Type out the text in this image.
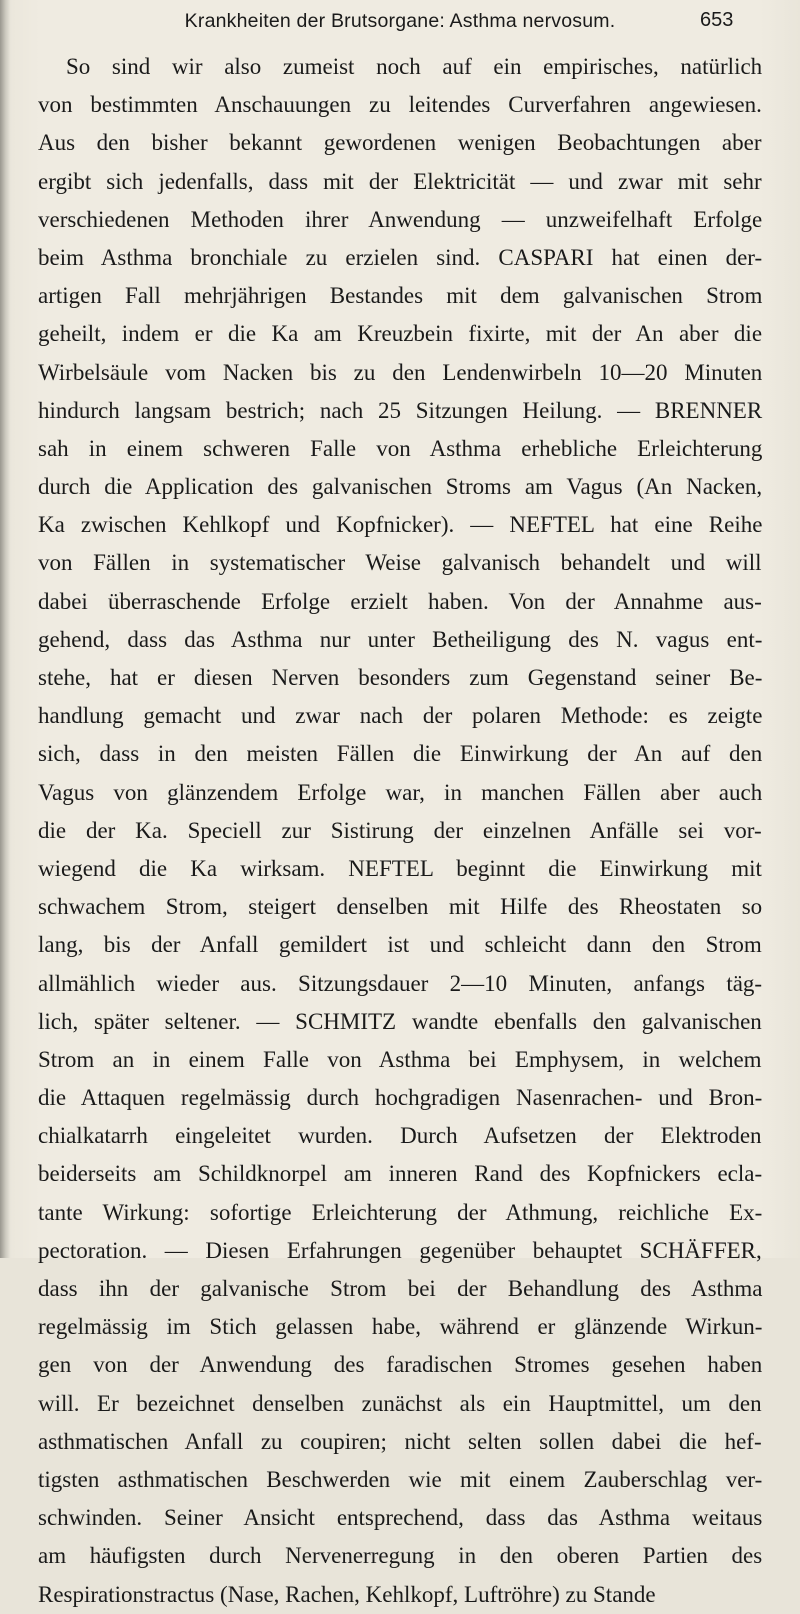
Krankheiten der Brutsorgane: Asthma nervosum.	653
So sind wir also zumeist noch auf ein empirisches, natürlich
von bestimmten Anschauungen zu leitendes Curverfahren angewiesen.
Aus den bisher bekannt gewordenen wenigen Beobachtungen aber
ergibt sich jedenfalls, dass mit der Elektricität — und zwar mit sehr
verschiedenen Methoden ihrer Anwendung — unzweifelhaft Erfolge
beim Asthma bronchiale zu erzielen sind. CASPARI hat einen der-
artigen Fall mehrjährigen Bestandes mit dem galvanischen Strom
geheilt, indem er die Ka am Kreuzbein fixirte, mit der An aber die
Wirbelsäule vom Nacken bis zu den Lendenwirbeln 10—20 Minuten
hindurch langsam bestrich; nach 25 Sitzungen Heilung. — BRENNER
sah in einem schweren Falle von Asthma erhebliche Erleichterung
durch die Application des galvanischen Stroms am Vagus (An Nacken,
Ka zwischen Kehlkopf und Kopfnicker). — NEFTEL hat eine Reihe
von Fällen in systematischer Weise galvanisch behandelt und will
dabei überraschende Erfolge erzielt haben. Von der Annahme aus-
gehend, dass das Asthma nur unter Betheiligung des N. vagus ent-
stehe, hat er diesen Nerven besonders zum Gegenstand seiner Be-
handlung gemacht und zwar nach der polaren Methode: es zeigte
sich, dass in den meisten Fällen die Einwirkung der An auf den
Vagus von glänzendem Erfolge war, in manchen Fällen aber auch
die der Ka. Speciell zur Sistirung der einzelnen Anfälle sei vor-
wiegend die Ka wirksam. NEFTEL beginnt die Einwirkung mit
schwachem Strom, steigert denselben mit Hilfe des Rheostaten so
lang, bis der Anfall gemildert ist und schleicht dann den Strom
allmählich wieder aus. Sitzungsdauer 2—10 Minuten, anfangs täg-
lich, später seltener. — SCHMITZ wandte ebenfalls den galvanischen
Strom an in einem Falle von Asthma bei Emphysem, in welchem
die Attaquen regelmässig durch hochgradigen Nasenrachen- und Bron-
chialkatarrh eingeleitet wurden. Durch Aufsetzen der Elektroden
beiderseits am Schildknorpel am inneren Rand des Kopfnickers ecla-
tante Wirkung: sofortige Erleichterung der Athmung, reichliche Ex-
pectoration. — Diesen Erfahrungen gegenüber behauptet SCHÄFFER,
dass ihn der galvanische Strom bei der Behandlung des Asthma
regelmässig im Stich gelassen habe, während er glänzende Wirkun-
gen von der Anwendung des faradischen Stromes gesehen haben
will. Er bezeichnet denselben zunächst als ein Hauptmittel, um den
asthmatischen Anfall zu coupiren; nicht selten sollen dabei die hef-
tigsten asthmatischen Beschwerden wie mit einem Zauberschlag ver-
schwinden. Seiner Ansicht entsprechend, dass das Asthma weitaus
am häufigsten durch Nervenerregung in den oberen Partien des
Respirationstractus (Nase, Rachen, Kehlkopf, Luftröhre) zu Stande
